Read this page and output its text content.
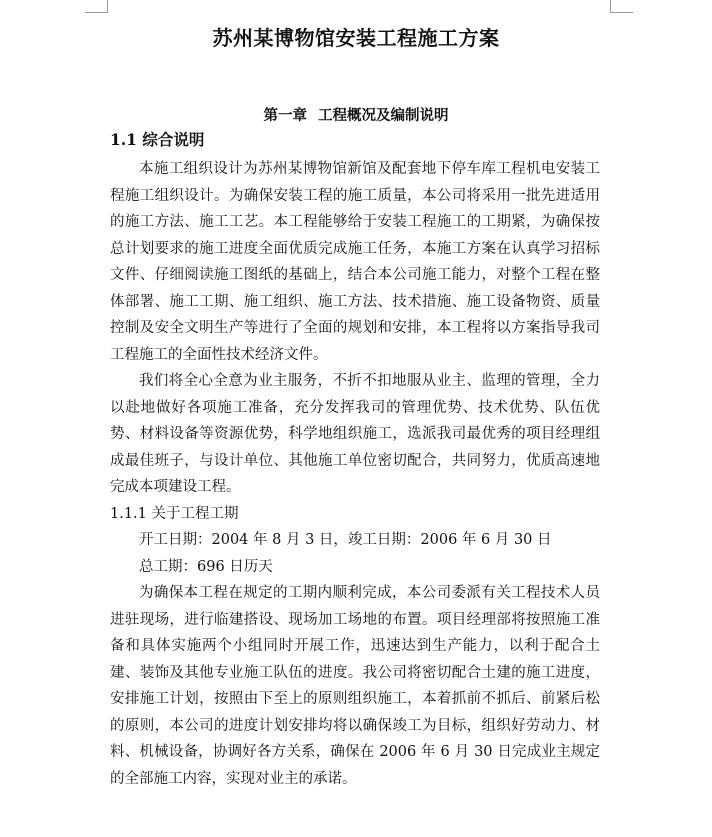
苏州某博物馆安装工程施工方案
第一章 工程概况及编制说明
1.1 综合说明

本施工组织设计为苏州某博物馆新馆及配套地下停车库工程机电安装工程施工组织设计。为确保安装工程的施工质量，本公司将采用一批先进适用的施工方法、施工工艺。本工程能够给于安装工程施工的工期紧，为确保按总计划要求的施工进度全面优质完成施工任务，本施工方案在认真学习招标文件、仔细阅读施工图纸的基础上，结合本公司施工能力，对整个工程在整体部署、施工工期、施工组织、施工方法、技术措施、施工设备物资、质量控制及安全文明生产等进行了全面的规划和安排，本工程将以方案指导我司工程施工的全面性技术经济文件。

我们将全心全意为业主服务，不折不扣地服从业主、监理的管理，全力以赴地做好各项施工准备，充分发挥我司的管理优势、技术优势、队伍优势、材料设备等资源优势，科学地组织施工，选派我司最优秀的项目经理组成最佳班子，与设计单位、其他施工单位密切配合，共同努力，优质高速地完成本项建设工程。

1.1.1 关于工程工期

开工日期：2004 年 8 月 3 日，竣工日期：2006 年 6 月 30 日

总工期：696 日历天

为确保本工程在规定的工期内顺利完成，本公司委派有关工程技术人员进驻现场，进行临建搭设、现场加工场地的布置。项目经理部将按照施工准备和具体实施两个小组同时开展工作，迅速达到生产能力，以利于配合土建、装饰及其他专业施工队伍的进度。我公司将密切配合土建的施工进度，安排施工计划，按照由下至上的原则组织施工，本着抓前不抓后、前紧后松的原则，本公司的进度计划安排均将以确保竣工为目标，组织好劳动力、材料、机械设备，协调好各方关系，确保在 2006 年 6 月 30 日完成业主规定的全部施工内容，实现对业主的承诺。
